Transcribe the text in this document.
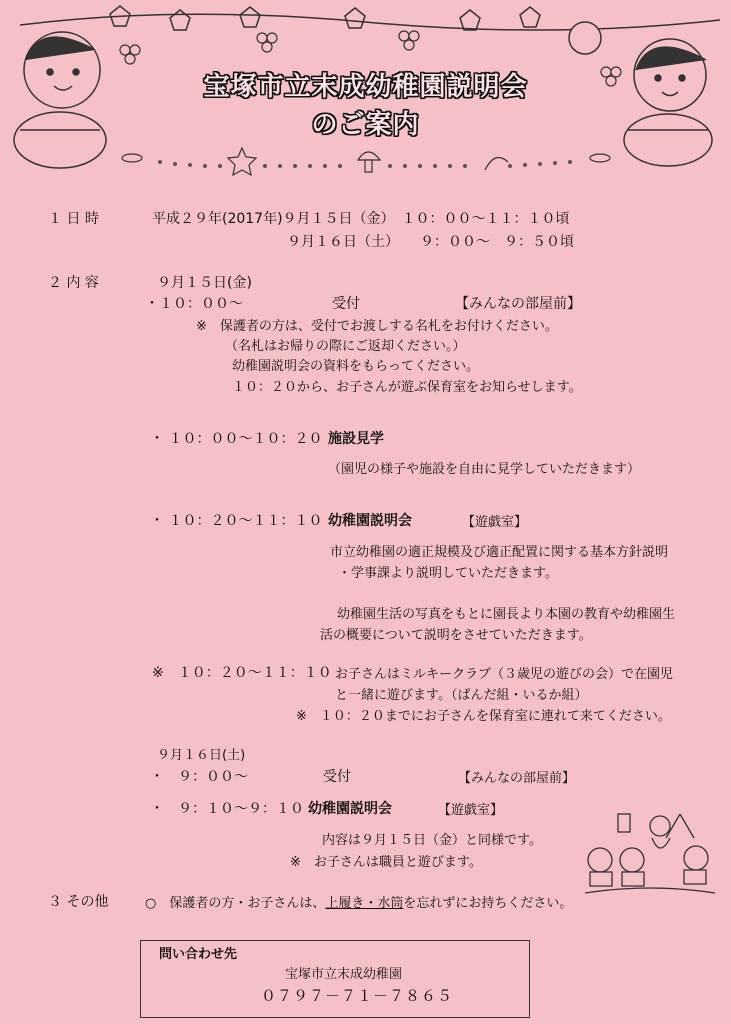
宝塚市立末成幼稚園説明会
のご案内
１ 日 時	平成２９年(2017年)９月１５日（金）　１０：００～１１：１０頃
９月１６日（土）　　９：００～　９：５０頃
２ 内 容	９月１５日(金)
・１０：００～	受付	【みんなの部屋前】
※　保護者の方は、受付でお渡しする名札をお付けください。
（名札はお帰りの際にご返却ください。）
幼稚園説明会の資料をもらってください。
１０：２０から、お子さんが遊ぶ保育室をお知らせします。
・ １０：００～１０：２０ 施設見学
（園児の様子や施設を自由に見学していただきます）
・ １０：２０～１１：１０ 幼稚園説明会	【遊戯室】
市立幼稚園の適正規模及び適正配置に関する基本方針説明
・学事課より説明していただきます。
幼稚園生活の写真をもとに園長より本園の教育や幼稚園生
活の概要について説明をさせていただきます。
※　１０：２０～１１：１０ お子さんはミルキークラブ（３歳児の遊びの会）で在園児
と一緒に遊びます。（ぱんだ組・いるか組）
※　１０：２０までにお子さんを保育室に連れて来てください。
９月１６日(土)
・　９：００～	受付	【みんなの部屋前】
・　９：１０～９：１０ 幼稚園説明会	【遊戯室】
内容は９月１５日（金）と同様です。
※　お子さんは職員と遊びます。
３ その他	○　保護者の方・お子さんは、上履き・水筒を忘れずにお持ちください。
問い合わせ先
宝塚市立末成幼稚園
０７９７－７１－７８６５
